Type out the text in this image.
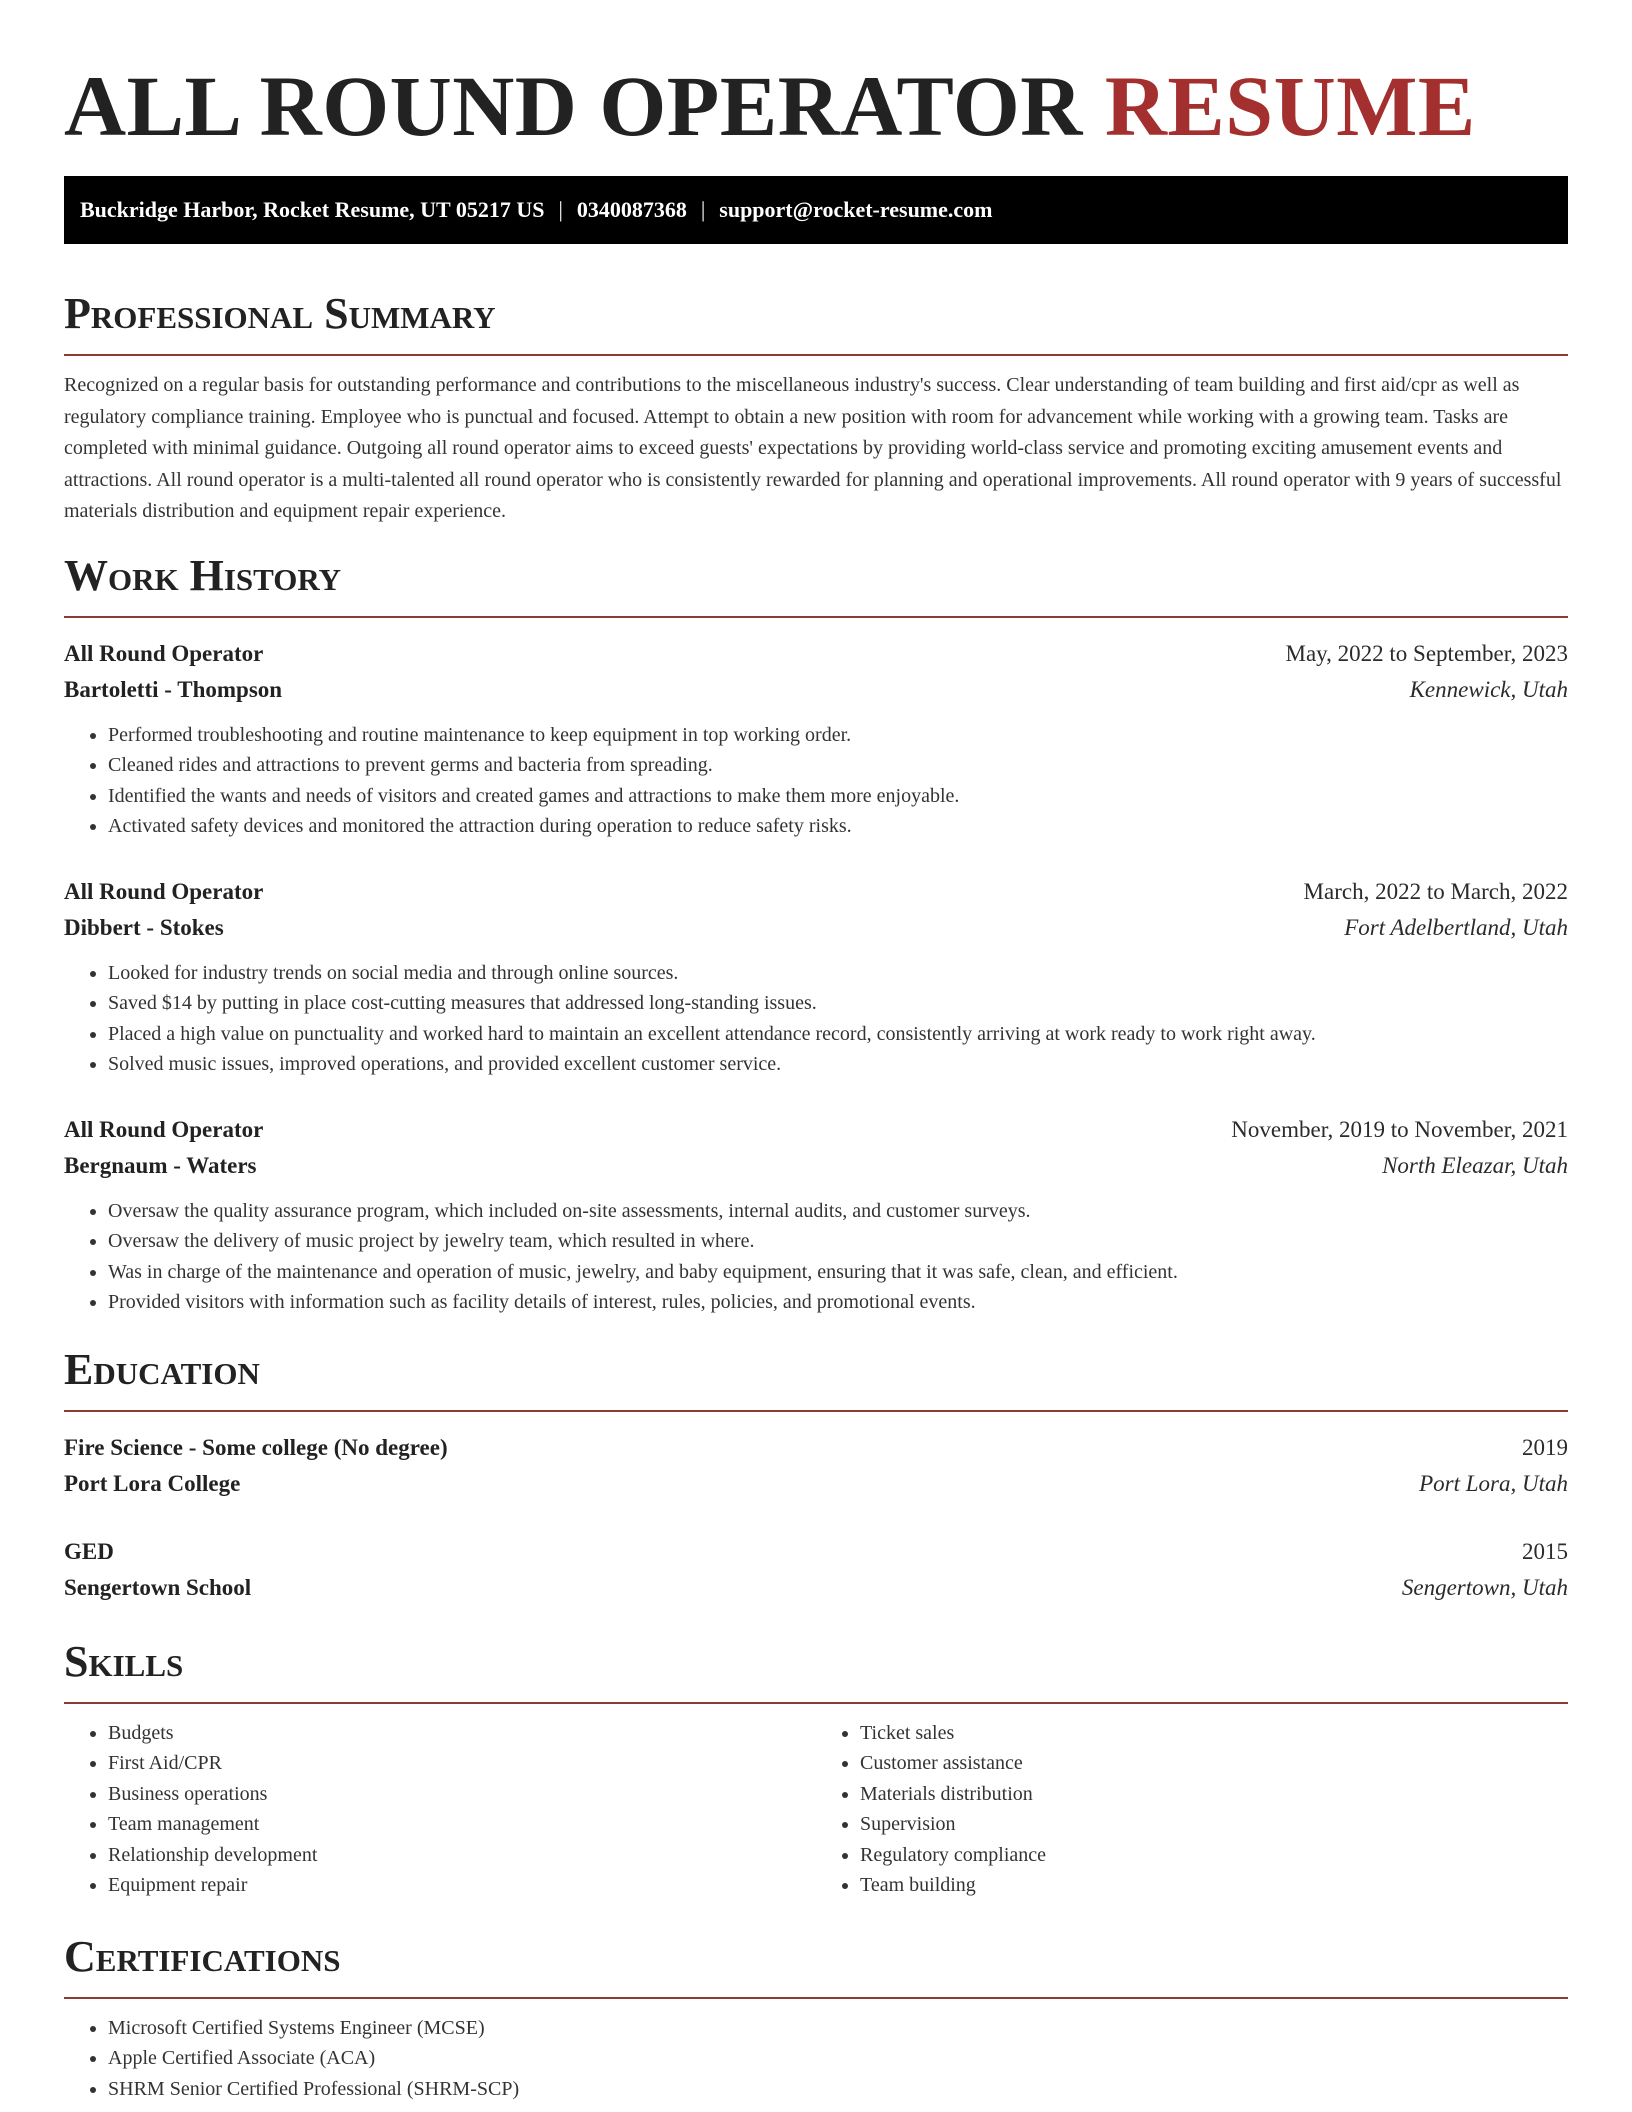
ALL ROUND OPERATOR RESUME
Buckridge Harbor, Rocket Resume, UT 05217 US | 0340087368 | support@rocket-resume.com
Professional Summary

Recognized on a regular basis for outstanding performance and contributions to the miscellaneous industry's success. Clear understanding of team building and first aid/cpr as well as regulatory compliance training. Employee who is punctual and focused. Attempt to obtain a new position with room for advancement while working with a growing team. Tasks are completed with minimal guidance. Outgoing all round operator aims to exceed guests' expectations by providing world-class service and promoting exciting amusement events and attractions. All round operator is a multi-talented all round operator who is consistently rewarded for planning and operational improvements. All round operator with 9 years of successful materials distribution and equipment repair experience.

Work History
All Round Operator	May, 2022 to September, 2023
Bartoletti - Thompson	Kennewick, Utah
• Performed troubleshooting and routine maintenance to keep equipment in top working order.
• Cleaned rides and attractions to prevent germs and bacteria from spreading.
• Identified the wants and needs of visitors and created games and attractions to make them more enjoyable.
• Activated safety devices and monitored the attraction during operation to reduce safety risks.
All Round Operator	March, 2022 to March, 2022
Dibbert - Stokes	Fort Adelbertland, Utah
• Looked for industry trends on social media and through online sources.
• Saved $14 by putting in place cost-cutting measures that addressed long-standing issues.
• Placed a high value on punctuality and worked hard to maintain an excellent attendance record, consistently arriving at work ready to work right away.
• Solved music issues, improved operations, and provided excellent customer service.
All Round Operator	November, 2019 to November, 2021
Bergnaum - Waters	North Eleazar, Utah
• Oversaw the quality assurance program, which included on-site assessments, internal audits, and customer surveys.
• Oversaw the delivery of music project by jewelry team, which resulted in where.
• Was in charge of the maintenance and operation of music, jewelry, and baby equipment, ensuring that it was safe, clean, and efficient.
• Provided visitors with information such as facility details of interest, rules, policies, and promotional events.
Education
Fire Science - Some college (No degree)	2019
Port Lora College	Port Lora, Utah
GED	2015
Sengertown School	Sengertown, Utah
Skills
• Budgets
• First Aid/CPR
• Business operations
• Team management
• Relationship development
• Equipment repair
• Ticket sales
• Customer assistance
• Materials distribution
• Supervision
• Regulatory compliance
• Team building
Certifications
• Microsoft Certified Systems Engineer (MCSE)
• Apple Certified Associate (ACA)
• SHRM Senior Certified Professional (SHRM-SCP)
